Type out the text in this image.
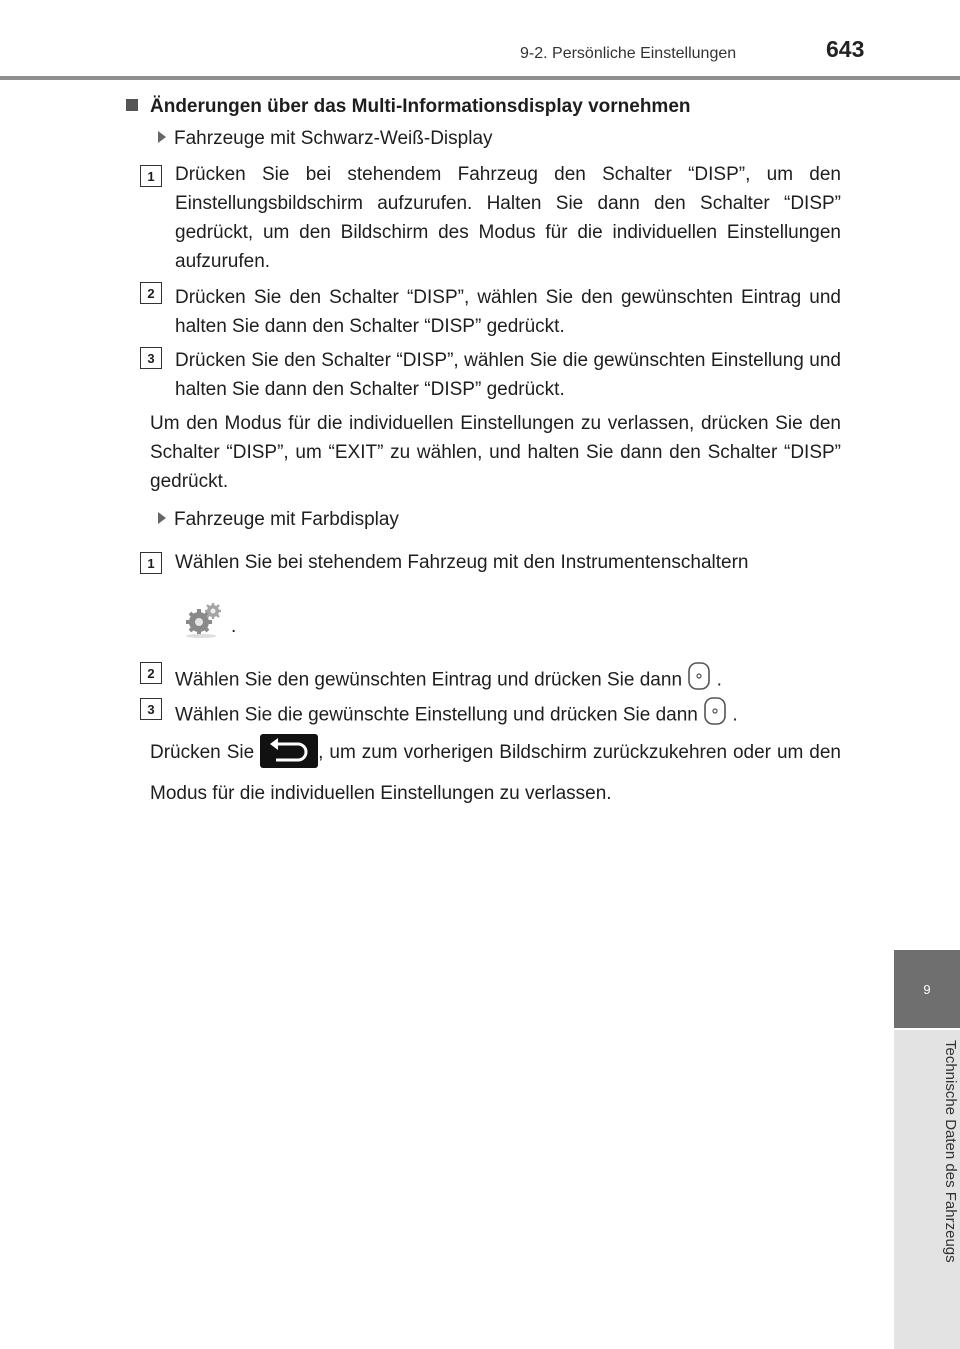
9-2. Persönliche Einstellungen	643
9
Technische Daten des Fahrzeugs
Änderungen über das Multi-Informationsdisplay vornehmen
Fahrzeuge mit Schwarz-Weiß-Display
1	Drücken Sie bei stehendem Fahrzeug den Schalter “DISP”, um den Einstellungsbildschirm aufzurufen. Halten Sie dann den Schalter “DISP” gedrückt, um den Bildschirm des Modus für die individuellen Einstellungen aufzurufen.
2	Drücken Sie den Schalter “DISP”, wählen Sie den gewünschten Eintrag und halten Sie dann den Schalter “DISP” gedrückt.
3	Drücken Sie den Schalter “DISP”, wählen Sie die gewünschten Einstellung und halten Sie dann den Schalter “DISP” gedrückt.
Um den Modus für die individuellen Einstellungen zu verlassen, drücken Sie den Schalter “DISP”, um “EXIT” zu wählen, und halten Sie dann den Schalter “DISP” gedrückt.
Fahrzeuge mit Farbdisplay
1	Wählen Sie bei stehendem Fahrzeug mit den Instrumentenschaltern
.
2	Wählen Sie den gewünschten Eintrag und drücken Sie dann .
3	Wählen Sie die gewünschte Einstellung und drücken Sie dann .
Drücken Sie	, um zum vorherigen Bildschirm zurückzukehren oder um den Modus für die individuellen Einstellungen zu verlassen.
